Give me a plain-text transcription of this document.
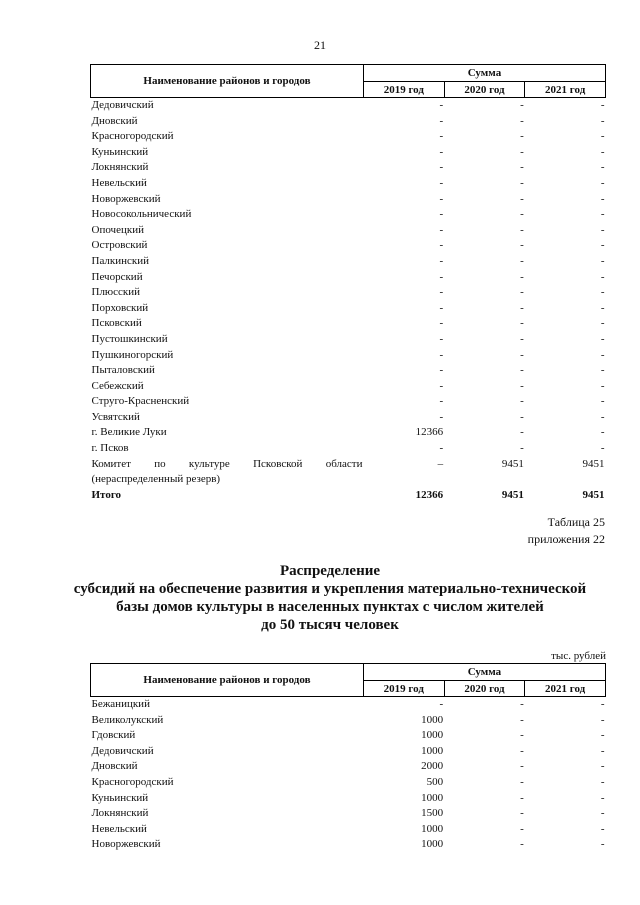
21
Наименование районов и городов	Сумма		
	2019 год	2020 год	2021 год
Дедовичский	-	-	-
Дновский	-	-	-
Красногородский	-	-	-
Куньинский	-	-	-
Локнянский	-	-	-
Невельский	-	-	-
Новоржевский	-	-	-
Новосокольнический	-	-	-
Опочецкий	-	-	-
Островский	-	-	-
Палкинский	-	-	-
Печорский	-	-	-
Плюсский	-	-	-
Порховский	-	-	-
Псковский	-	-	-
Пустошкинский	-	-	-
Пушкиногорский	-	-	-
Пыталовский	-	-	-
Себежский	-	-	-
Струго-Красненский	-	-	-
Усвятский	-	-	-
г. Великие Луки	12366	-	-
г. Псков	-	-	-
Комитет по культуре Псковской области	–	9451	9451
(нераспределенный резерв)			
Итого	12366	9451	9451
Таблица 25
приложения 22
Распределение
субсидий на обеспечение развития и укрепления материально-технической
базы домов культуры в населенных пунктах с числом жителей
до 50 тысяч человек
тыс. рублей
Наименование районов и городов	Сумма		
	2019 год	2020 год	2021 год
Бежаницкий	-	-	-
Великолукский	1000	-	-
Гдовский	1000	-	-
Дедовичский	1000	-	-
Дновский	2000	-	-
Красногородский	500	-	-
Куньинский	1000	-	-
Локнянский	1500	-	-
Невельский	1000	-	-
Новоржевский	1000	-	-
